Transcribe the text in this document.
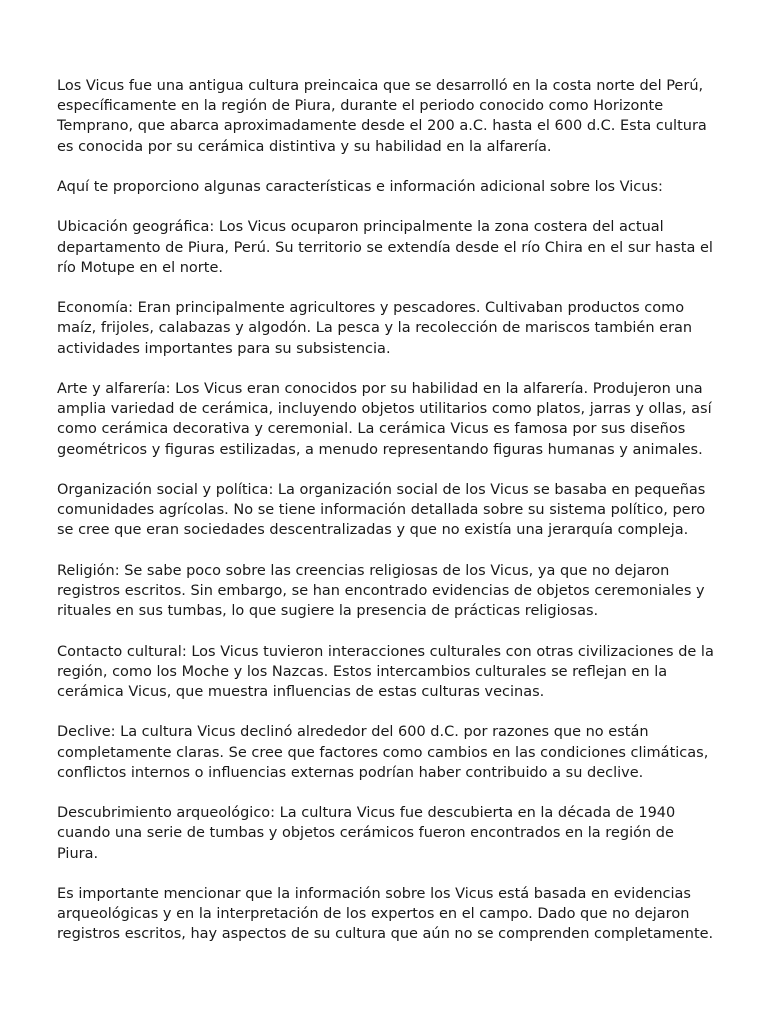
Los Vicus fue una antigua cultura preincaica que se desarrolló en la costa norte del Perú, específicamente en la región de Piura, durante el periodo conocido como Horizonte Temprano, que abarca aproximadamente desde el 200 a.C. hasta el 600 d.C. Esta cultura es conocida por su cerámica distintiva y su habilidad en la alfarería.

Aquí te proporciono algunas características e información adicional sobre los Vicus:

Ubicación geográfica: Los Vicus ocuparon principalmente la zona costera del actual departamento de Piura, Perú. Su territorio se extendía desde el río Chira en el sur hasta el río Motupe en el norte.

Economía: Eran principalmente agricultores y pescadores. Cultivaban productos como maíz, frijoles, calabazas y algodón. La pesca y la recolección de mariscos también eran actividades importantes para su subsistencia.

Arte y alfarería: Los Vicus eran conocidos por su habilidad en la alfarería. Produjeron una amplia variedad de cerámica, incluyendo objetos utilitarios como platos, jarras y ollas, así como cerámica decorativa y ceremonial. La cerámica Vicus es famosa por sus diseños geométricos y figuras estilizadas, a menudo representando figuras humanas y animales.

Organización social y política: La organización social de los Vicus se basaba en pequeñas comunidades agrícolas. No se tiene información detallada sobre su sistema político, pero se cree que eran sociedades descentralizadas y que no existía una jerarquía compleja.

Religión: Se sabe poco sobre las creencias religiosas de los Vicus, ya que no dejaron registros escritos. Sin embargo, se han encontrado evidencias de objetos ceremoniales y rituales en sus tumbas, lo que sugiere la presencia de prácticas religiosas.

Contacto cultural: Los Vicus tuvieron interacciones culturales con otras civilizaciones de la región, como los Moche y los Nazcas. Estos intercambios culturales se reflejan en la cerámica Vicus, que muestra influencias de estas culturas vecinas.

Declive: La cultura Vicus declinó alrededor del 600 d.C. por razones que no están completamente claras. Se cree que factores como cambios en las condiciones climáticas, conflictos internos o influencias externas podrían haber contribuido a su declive.

Descubrimiento arqueológico: La cultura Vicus fue descubierta en la década de 1940 cuando una serie de tumbas y objetos cerámicos fueron encontrados en la región de Piura.

Es importante mencionar que la información sobre los Vicus está basada en evidencias arqueológicas y en la interpretación de los expertos en el campo. Dado que no dejaron registros escritos, hay aspectos de su cultura que aún no se comprenden completamente.
